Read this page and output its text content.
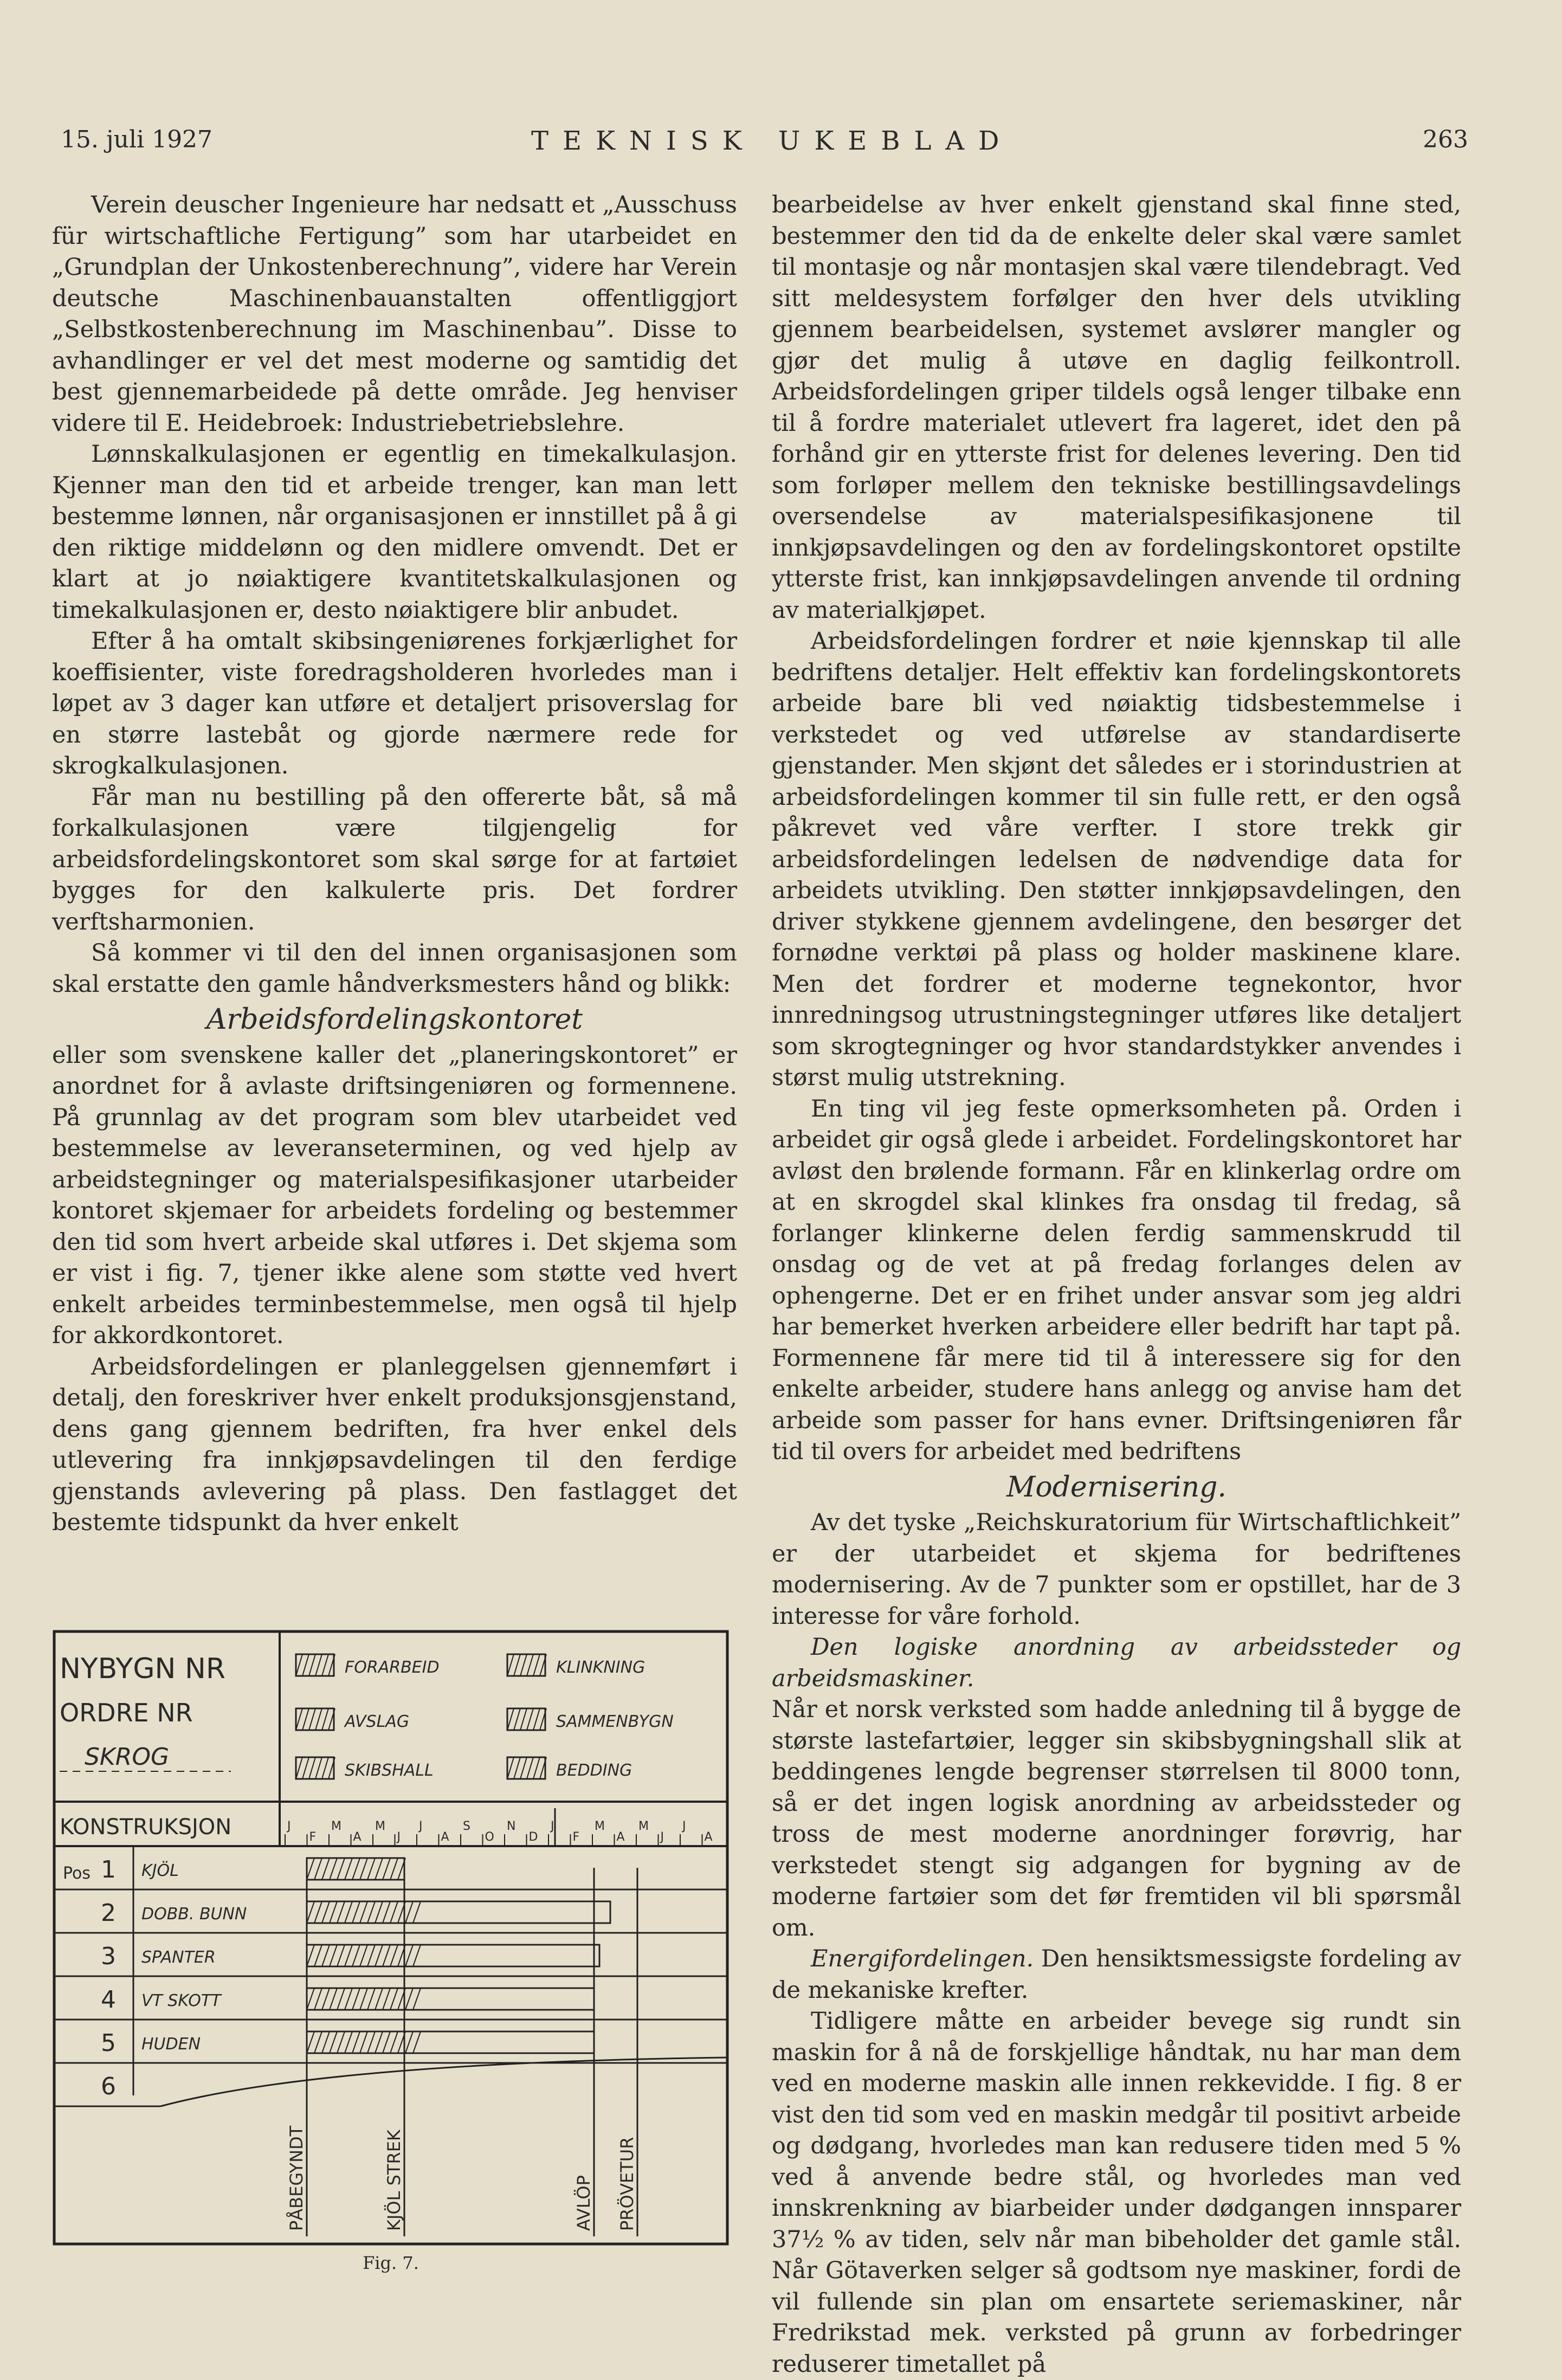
15. juli 1927	TEKNISK UKEBLAD	263

Verein deuscher Ingenieure har nedsatt et „Ausschuss für wirtschaftliche Fertigung” som har utarbeidet en „Grundplan der Unkostenberechnung”, videre har Verein deutsche Maschinenbauanstalten offentliggjort „Selbstkostenberechnung im Maschinenbau”. Disse to avhandlinger er vel det mest moderne og samtidig det best gjennemarbeidede på dette område. Jeg henviser videre til E. Heidebroek: Industriebetriebslehre.

Lønnskalkulasjonen er egentlig en timekalkulasjon. Kjenner man den tid et arbeide trenger, kan man lett bestemme lønnen, når organisasjonen er innstillet på å gi den riktige middelønn og den midlere omvendt. Det er klart at jo nøiaktigere kvantitetskalkulasjonen og timekalkulasjonen er, desto nøiaktigere blir anbudet.

Efter å ha omtalt skibsingeniørenes forkjærlighet for koeffisienter, viste foredragsholderen hvorledes man i løpet av 3 dager kan utføre et detaljert prisoverslag for en større lastebåt og gjorde nærmere rede for skrogkalkulasjonen.

Får man nu bestilling på den offererte båt, så må forkalkulasjonen være tilgjengelig for arbeidsfordelingskontoret som skal sørge for at fartøiet bygges for den kalkulerte pris. Det fordrer verftsharmonien.

Så kommer vi til den del innen organisasjonen som skal erstatte den gamle håndverksmesters hånd og blikk:

Arbeidsfordelingskontoret

eller som svenskene kaller det „planeringskontoret” er anordnet for å avlaste driftsingeniøren og formennene. På grunnlag av det program som blev utarbeidet ved bestemmelse av leveranseterminen, og ved hjelp av arbeidstegninger og materialspesifikasjoner utarbeider kontoret skjemaer for arbeidets fordeling og bestemmer den tid som hvert arbeide skal utføres i. Det skjema som er vist i fig. 7, tjener ikke alene som støtte ved hvert enkelt arbeides terminbestemmelse, men også til hjelp for akkordkontoret.

Arbeidsfordelingen er planleggelsen gjennemført i detalj, den foreskriver hver enkelt produksjonsgjenstand, dens gang gjennem bedriften, fra hver enkel dels utlevering fra innkjøpsavdelingen til den ferdige gjenstands avlevering på plass. Den fastlagget det bestemte tidspunkt da hver enkelt

J
F
M
A
M
J
J
A
S
O
N
D
J
F
M
A
M
J
J
A
NYBYGN NR
ORDRE NR
SKROG
KONSTRUKSJON
Pos
FORARBEID	KLINKNING
AVSLAG	SAMMENBYGN
SKIBSHALL	BEDDING
1 KJÖL
2 DOBB. BUNN
3 SPANTER
4 VT SKOTT
5 HUDEN
6
PÅBEGYNDT	KJÖL STREK	AVLÖP PRÖVETUR
Fig. 7.

bearbeidelse av hver enkelt gjenstand skal finne sted, bestemmer den tid da de enkelte deler skal være samlet til montasje og når montasjen skal være tilendebragt. Ved sitt meldesystem forfølger den hver dels utvikling gjennem bearbeidelsen, systemet avslører mangler og gjør det mulig å utøve en daglig feilkontroll. Arbeidsfordelingen griper tildels også lenger tilbake enn til å fordre materialet utlevert fra lageret, idet den på forhånd gir en ytterste frist for delenes levering. Den tid som forløper mellem den tekniske bestillingsavdelings oversendelse av materialspesifikasjonene til innkjøpsavdelingen og den av fordelingskontoret opstilte ytterste frist, kan innkjøpsavdelingen anvende til ordning av materialkjøpet.

Arbeidsfordelingen fordrer et nøie kjennskap til alle bedriftens detaljer. Helt effektiv kan fordelingskontorets arbeide bare bli ved nøiaktig tidsbestemmelse i verkstedet og ved utførelse av standardiserte gjenstander. Men skjønt det således er i storindustrien at arbeidsfordelingen kommer til sin fulle rett, er den også påkrevet ved våre verfter. I store trekk gir arbeidsfordelingen ledelsen de nødvendige data for arbeidets utvikling. Den støtter innkjøpsavdelingen, den driver stykkene gjennem avdelingene, den besørger det fornødne verktøi på plass og holder maskinene klare. Men det fordrer et moderne tegnekontor, hvor innredningsog utrustningstegninger utføres like detaljert som skrogtegninger og hvor standardstykker anvendes i størst mulig utstrekning.

En ting vil jeg feste opmerksomheten på. Orden i arbeidet gir også glede i arbeidet. Fordelingskontoret har avløst den brølende formann. Får en klinkerlag ordre om at en skrogdel skal klinkes fra onsdag til fredag, så forlanger klinkerne delen ferdig sammenskrudd til onsdag og de vet at på fredag forlanges delen av ophengerne. Det er en frihet under ansvar som jeg aldri har bemerket hverken arbeidere eller bedrift har tapt på. Formennene får mere tid til å interessere sig for den enkelte arbeider, studere hans anlegg og anvise ham det arbeide som passer for hans evner. Driftsingeniøren får tid til overs for arbeidet med bedriftens

Modernisering.

Av det tyske „Reichskuratorium für Wirtschaftlichkeit” er der utarbeidet et skjema for bedriftenes modernisering. Av de 7 punkter som er opstillet, har de 3 interesse for våre forhold.

Den logiske anordning av arbeidssteder og arbeidsmaskiner.

Når et norsk verksted som hadde anledning til å bygge de største lastefartøier, legger sin skibsbygningshall slik at beddingenes lengde begrenser størrelsen til 8000 tonn, så er det ingen logisk anordning av arbeidssteder og tross de mest moderne anordninger forøvrig, har verkstedet stengt sig adgangen for bygning av de moderne fartøier som det før fremtiden vil bli spørsmål om.

Energifordelingen. Den hensiktsmessigste fordeling av de mekaniske krefter.

Tidligere måtte en arbeider bevege sig rundt sin maskin for å nå de forskjellige håndtak, nu har man dem ved en moderne maskin alle innen rekkevidde. I fig. 8 er vist den tid som ved en maskin medgår til positivt arbeide og dødgang, hvorledes man kan redusere tiden med 5 % ved å anvende bedre stål, og hvorledes man ved innskrenkning av biarbeider under dødgangen innsparer 37½ % av tiden, selv når man bibeholder det gamle stål. Når Götaverken selger så godtsom nye maskiner, fordi de vil fullende sin plan om ensartete seriemaskiner, når Fredrikstad mek. verksted på grunn av forbedringer reduserer timetallet på
